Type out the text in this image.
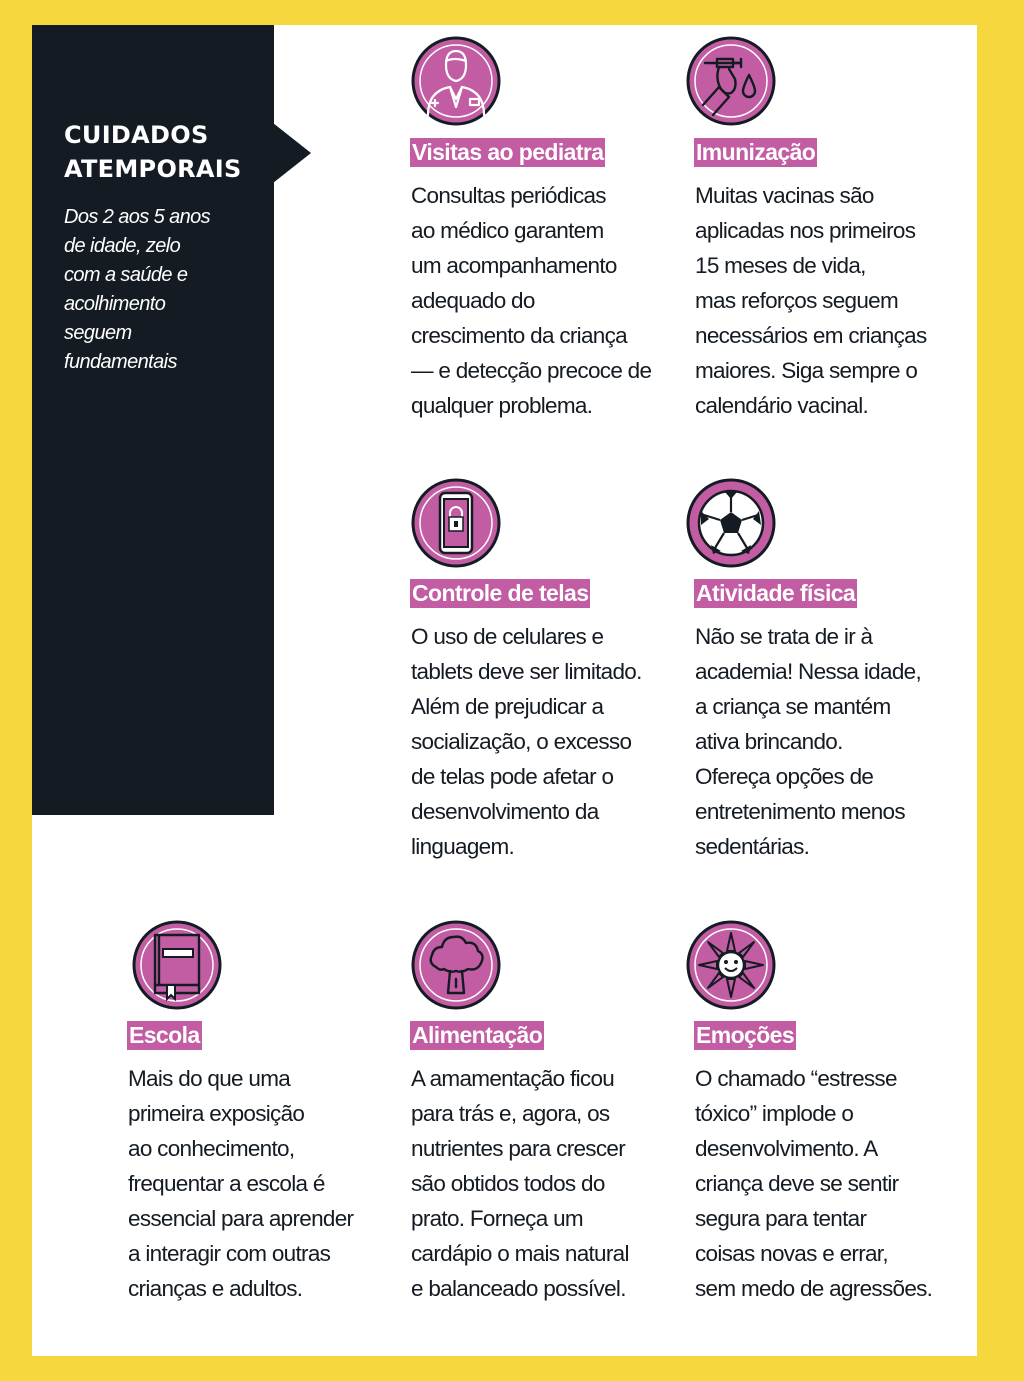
CUIDADOS
ATEMPORAIS
Dos 2 aos 5 anos
de idade, zelo
com a saúde e
acolhimento
seguem
fundamentais
Visitas ao pediatra
Consultas periódicas
ao médico garantem
um acompanhamento
adequado do
crescimento da criança
— e detecção precoce de
qualquer problema.
Imunização
Muitas vacinas são
aplicadas nos primeiros
15 meses de vida,
mas reforços seguem
necessários em crianças
maiores. Siga sempre o
calendário vacinal.
Controle de telas
O uso de celulares e
tablets deve ser limitado.
Além de prejudicar a
socialização, o excesso
de telas pode afetar o
desenvolvimento da
linguagem.
Atividade física
Não se trata de ir à
academia! Nessa idade,
a criança se mantém
ativa brincando.
Ofereça opções de
entretenimento menos
sedentárias.
Escola
Mais do que uma
primeira exposição
ao conhecimento,
frequentar a escola é
essencial para aprender
a interagir com outras
crianças e adultos.
Alimentação
A amamentação ficou
para trás e, agora, os
nutrientes para crescer
são obtidos todos do
prato. Forneça um
cardápio o mais natural
e balanceado possível.
Emoções
O chamado “estresse
tóxico” implode o
desenvolvimento. A
criança deve se sentir
segura para tentar
coisas novas e errar,
sem medo de agressões.
